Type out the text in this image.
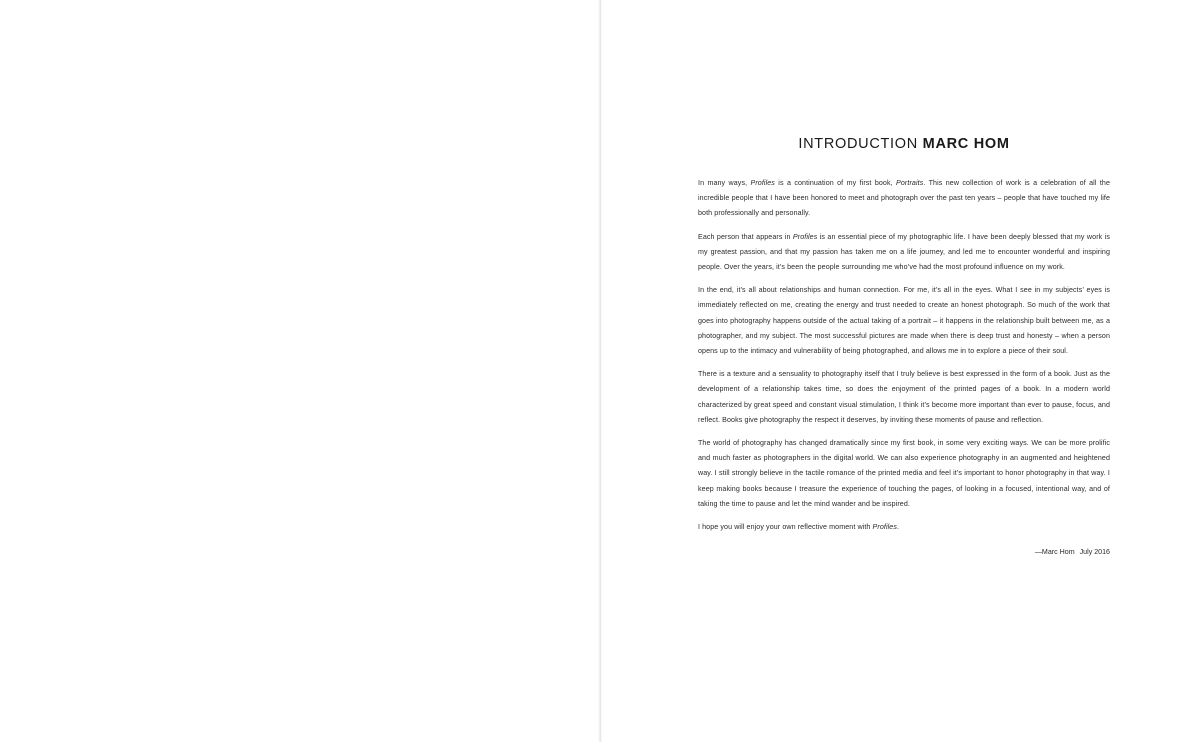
INTRODUCTION MARC HOM

In many ways, Profiles is a continuation of my first book, Portraits. This new collection of work is a celebration of all the incredible people that I have been honored to meet and photograph over the past ten years – people that have touched my life both professionally and personally.

Each person that appears in Profiles is an essential piece of my photographic life. I have been deeply blessed that my work is my greatest passion, and that my passion has taken me on a life journey, and led me to encounter wonderful and inspiring people. Over the years, it’s been the people surrounding me who’ve had the most profound influence on my work.

In the end, it’s all about relationships and human connection. For me, it’s all in the eyes. What I see in my subjects’ eyes is immediately reflected on me, creating the energy and trust needed to create an honest photograph. So much of the work that goes into photography happens outside of the actual taking of a portrait – it happens in the relationship built between me, as a photographer, and my subject. The most successful pictures are made when there is deep trust and honesty – when a person opens up to the intimacy and vulnerability of being photographed, and allows me in to explore a piece of their soul.

There is a texture and a sensuality to photography itself that I truly believe is best expressed in the form of a book. Just as the development of a relationship takes time, so does the enjoyment of the printed pages of a book. In a modern world characterized by great speed and constant visual stimulation, I think it’s become more important than ever to pause, focus, and reflect. Books give photography the respect it deserves, by inviting these moments of pause and reflection.

The world of photography has changed dramatically since my first book, in some very exciting ways. We can be more prolific and much faster as photographers in the digital world. We can also experience photography in an augmented and heightened way. I still strongly believe in the tactile romance of the printed media and feel it’s important to honor photography in that way. I keep making books because I treasure the experience of touching the pages, of looking in a focused, intentional way, and of taking the time to pause and let the mind wander and be inspired.

I hope you will enjoy your own reflective moment with Profiles.

—Marc Hom July 2016
